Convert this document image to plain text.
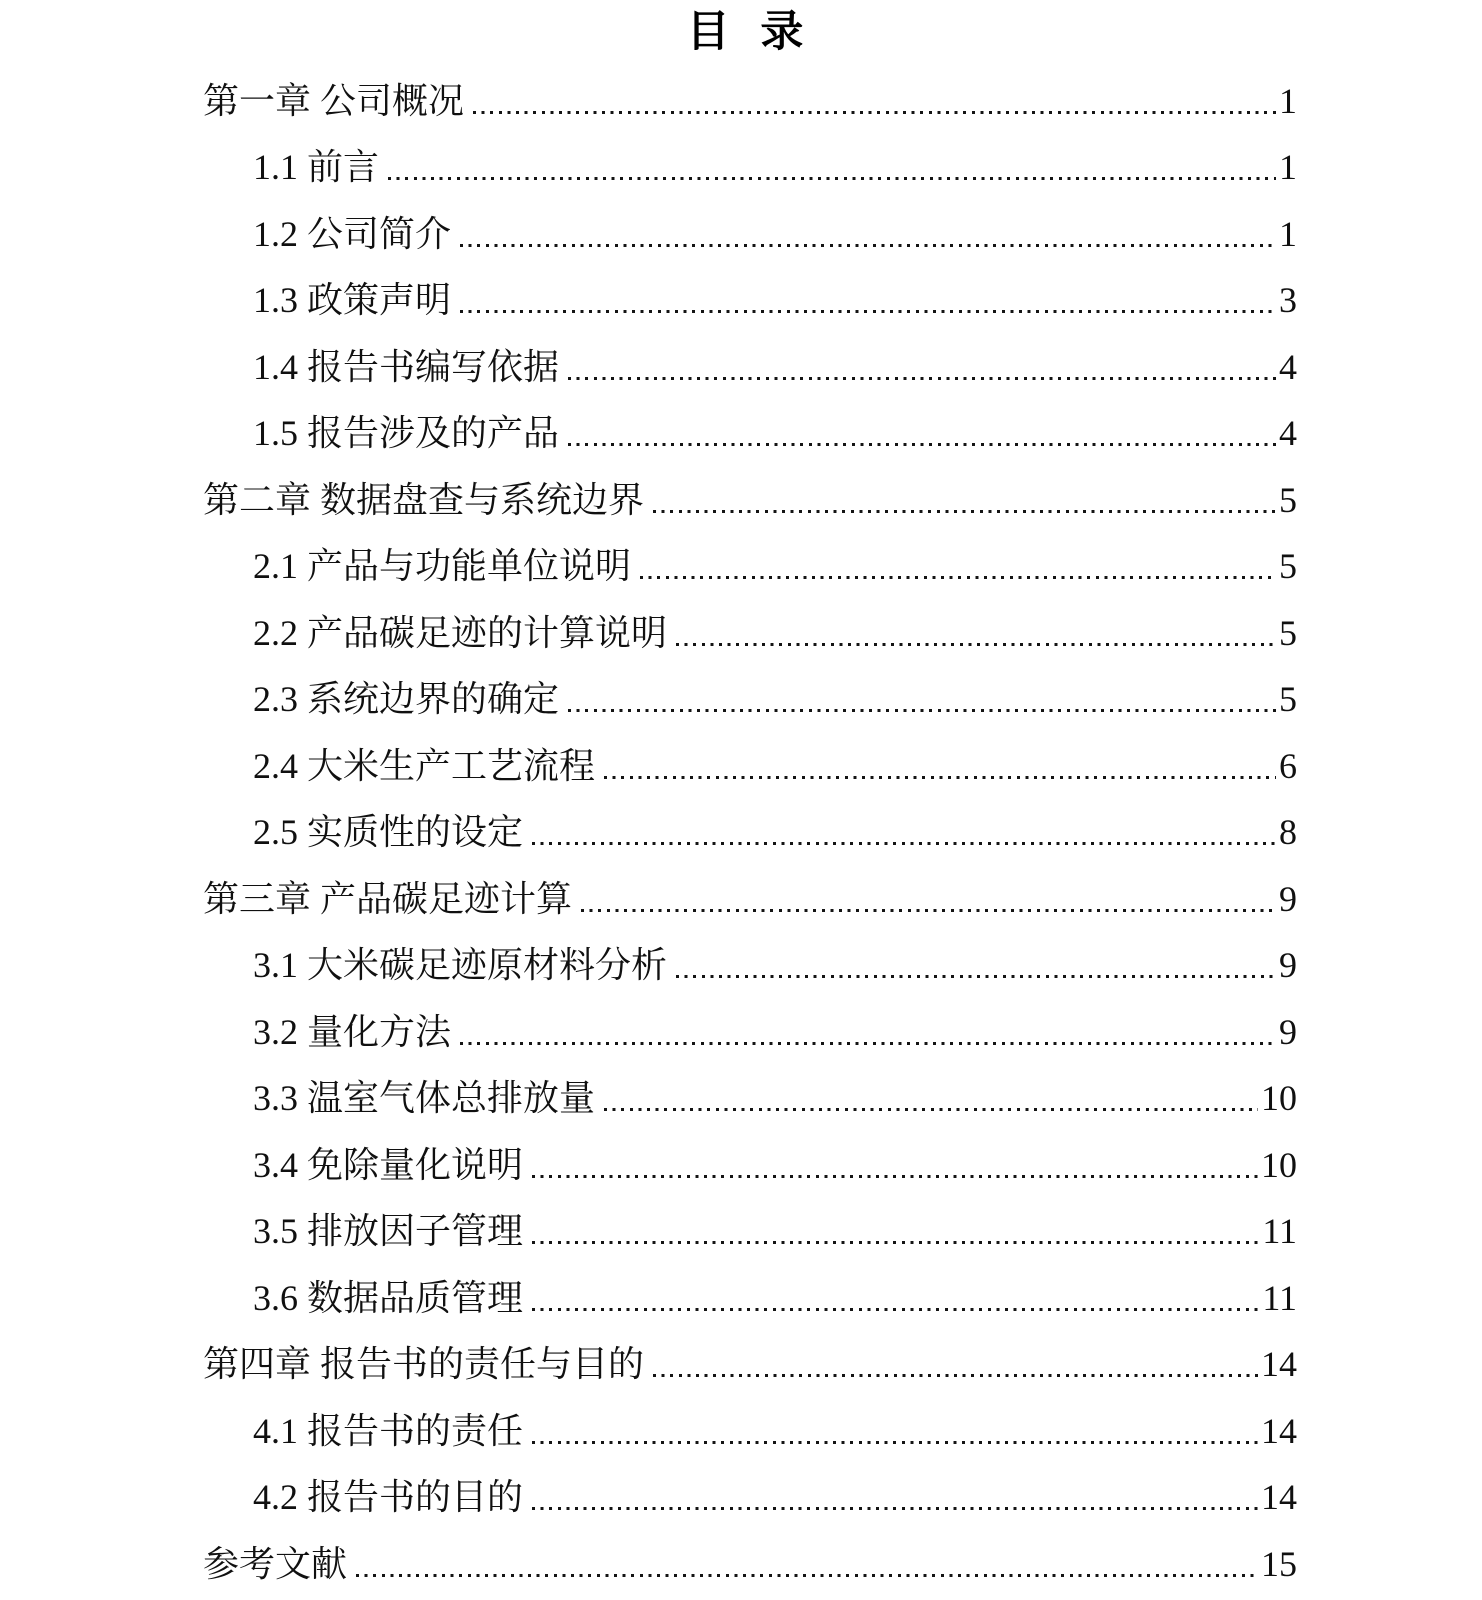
目 录
第一章 公司概况	1
1.1 前言	1
1.2 公司简介	1
1.3 政策声明	3
1.4 报告书编写依据	4
1.5 报告涉及的产品	4
第二章 数据盘查与系统边界	5
2.1 产品与功能单位说明	5
2.2 产品碳足迹的计算说明	5
2.3 系统边界的确定	5
2.4 大米生产工艺流程	6
2.5 实质性的设定	8
第三章 产品碳足迹计算	9
3.1 大米碳足迹原材料分析	9
3.2 量化方法	9
3.3 温室气体总排放量	10
3.4 免除量化说明	10
3.5 排放因子管理	11
3.6 数据品质管理	11
第四章 报告书的责任与目的	14
4.1 报告书的责任	14
4.2 报告书的目的	14
参考文献	15
